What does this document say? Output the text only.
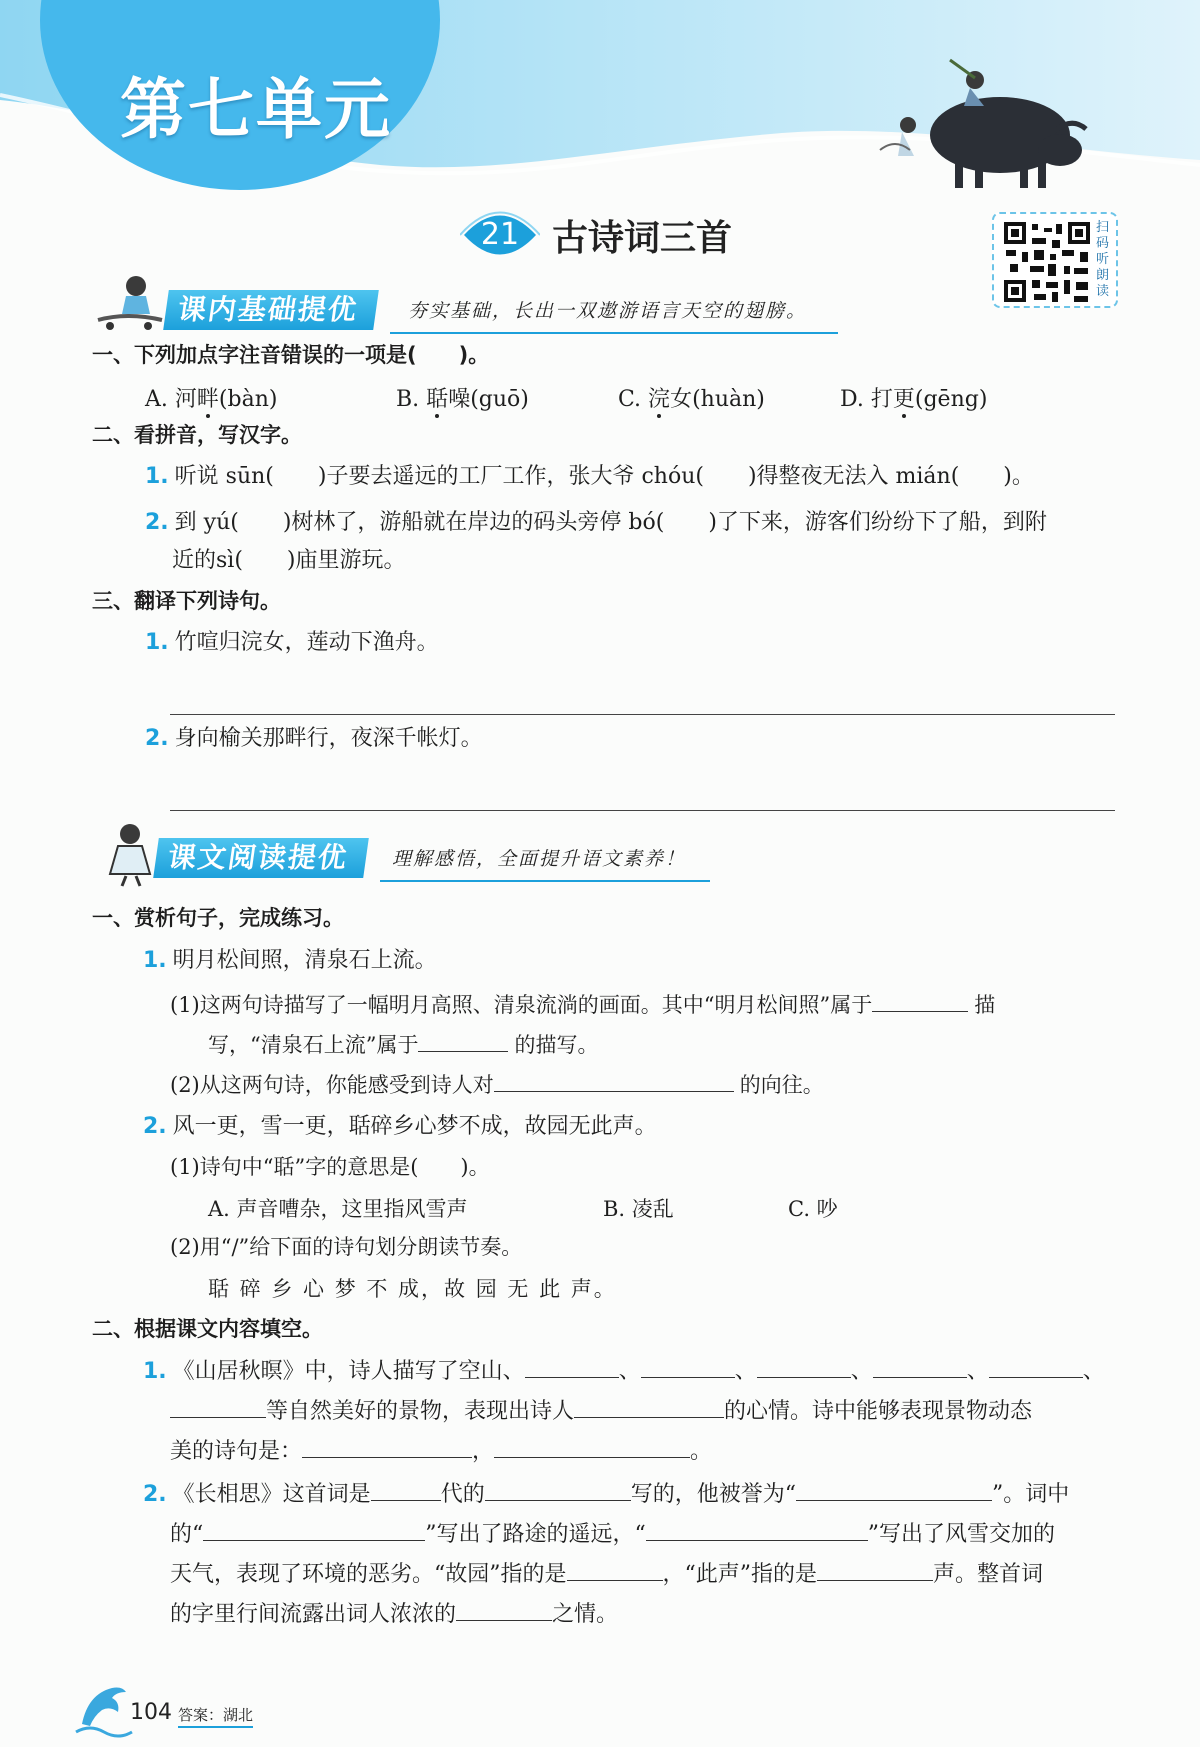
第七单元
21 古诗词三首	扫码听朗读
课内基础提优	夯实基础，长出一双遨游语言天空的翅膀。
一、下列加点字注音错误的一项是(　　)。
A. 河畔(bàn)	B. 聒噪(guō)	C. 浣女(huàn)	D. 打更(gēng)
二、看拼音，写汉字。
1. 听说 sūn(　　)子要去遥远的工厂工作，张大爷 chóu(　　)得整夜无法入 mián(　　)。
2. 到 yú(　　)树林了，游船就在岸边的码头旁停 bó(　　)了下来，游客们纷纷下了船，到附
近的sì(　　)庙里游玩。
三、翻译下列诗句。
1. 竹喧归浣女，莲动下渔舟。
2. 身向榆关那畔行，夜深千帐灯。
课文阅读提优	理解感悟，全面提升语文素养！
一、赏析句子，完成练习。
1. 明月松间照，清泉石上流。
(1)这两句诗描写了一幅明月高照、清泉流淌的画面。其中“明月松间照”属于	描
写，“清泉石上流”属于	的描写。
(2)从这两句诗，你能感受到诗人对	的向往。
2. 风一更，雪一更，聒碎乡心梦不成，故园无此声。
(1)诗句中“聒”字的意思是(　　)。
A. 声音嘈杂，这里指风雪声	B. 凌乱	C. 吵
(2)用“/”给下面的诗句划分朗读节奏。
聒 碎 乡 心 梦 不 成，故 园 无 此 声。
二、根据课文内容填空。
1. 《山居秋暝》中，诗人描写了空山、	、	、	、	、	、
等自然美好的景物，表现出诗人	的心情。诗中能够表现景物动态
美的诗句是：	，	。
2. 《长相思》这首词是	代的	写的，他被誉为“	”。词中
的“	”写出了路途的遥远，“	”写出了风雪交加的
天气，表现了环境的恶劣。“故园”指的是	，“此声”指的是	声。整首词
的字里行间流露出词人浓浓的	之情。
104 答案：湖北
